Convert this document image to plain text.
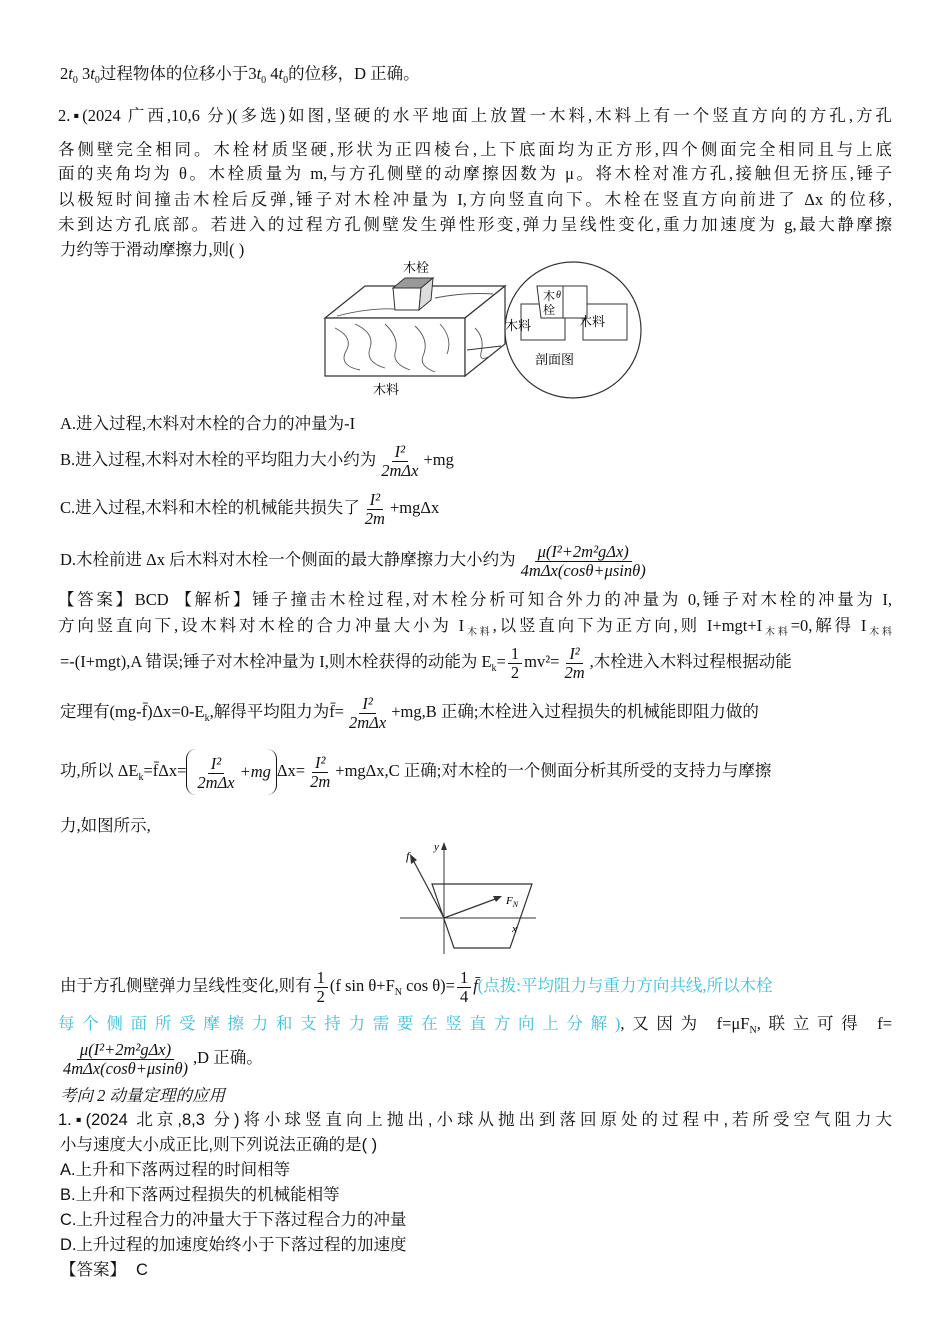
$2t_0$ $3t_0$过程物体的位移小于$3t_0$ $4t_0$的位移，D 正确。
2.▪(2024 广西,10,6 分)(多选)如图,坚硬的水平地面上放置一木料,木料上有一个竖直方向的方孔,方孔
各侧壁完全相同。木栓材质坚硬,形状为正四棱台,上下底面均为正方形,四个侧面完全相同且与上底
面的夹角均为 θ。木栓质量为 m,与方孔侧壁的动摩擦因数为 μ。将木栓对准方孔,接触但无挤压,锤子
以极短时间撞击木栓后反弹,锤子对木栓冲量为 I,方向竖直向下。木栓在竖直方向前进了 Δx 的位移,
未到达方孔底部。若进入的过程方孔侧壁发生弹性形变,弹力呈线性变化,重力加速度为 g,最大静摩擦
力约等于滑动摩擦力,则( )
木栓
木料
木 θ
栓
木料	木料
剖面图
A.进入过程,木料对木栓的合力的冲量为-I
B.进入过程,木料对木栓的平均阻力大小约为 $\frac{\text{I²}}{\text{2mΔx}} +mg$
C.进入过程,木料和木栓的机械能共损失了 $\frac{\text{I²}}{2m} +mg\Delta x$
D.木栓前进 Δx 后木料对木栓一个侧面的最大静摩擦力大小约为 $\frac{\text{μ(I²+2m²gΔx)}}{\text{4mΔx(cosθ+μsinθ)}}$
【答案】BCD 【解析】锤子撞击木栓过程,对木栓分析可知合外力的冲量为 0,锤子对木栓的冲量为 I,
方向竖直向下,设木料对木栓的合力冲量大小为 $I_{木料}$,以竖直向下为正方向,则 $I+mgt+I_{木料}=0$,解得 $I_{木料}$
=-(I+mgt),A 错误;锤子对木栓冲量为 I,则木栓获得的动能为 $E_k= \frac{1}{2} mv^2= \frac{\text{I²}}{2m}$ ,木栓进入木料过程根据动能
定理有$(mg-f̄)\Delta x=0-E_k$,解得平均阻力为f̄= $\frac{\text{I²}}{\text{2mΔx}} +mg,B$ 正确;木栓进入过程损失的机械能即阻力做的
功,所以 $\Delta E_k=f̄\Delta x= \frac{\text{I²}}{\text{2mΔx}} +mg$ $\Delta x= \frac{\text{I²}}{2m} +mg\Delta x,C$ 正确;对木栓的一个侧面分析其所受的支持力与摩擦
力,如图所示,
f
y
$F_N$
x
由于方孔侧壁弹力呈线性变化,则有 $\frac{1}{2} (f$ $\sin \theta+F_N$ $\cos \theta)= \frac{1}{4}$ f̄(点拨:平均阻力与重力方向共线,所以木栓
每个侧面所受摩擦力和支持力需要在竖直方向上分解),又因为 $f=\mu F_N$,联立可得 f=
$\frac{\text{μ(I²+2m²gΔx)}}{\text{4mΔx(cosθ+μsinθ)}} ,D$ 正确。
考向 2 动量定理的应用
1.▪(2024 北京,8,3 分)将小球竖直向上抛出,小球从抛出到落回原处的过程中,若所受空气阻力大
小与速度大小成正比,则下列说法正确的是( )
A.上升和下落两过程的时间相等
B.上升和下落两过程损失的机械能相等
C.上升过程合力的冲量大于下落过程合力的冲量
D.上升过程的加速度始终小于下落过程的加速度
【答案】 C
